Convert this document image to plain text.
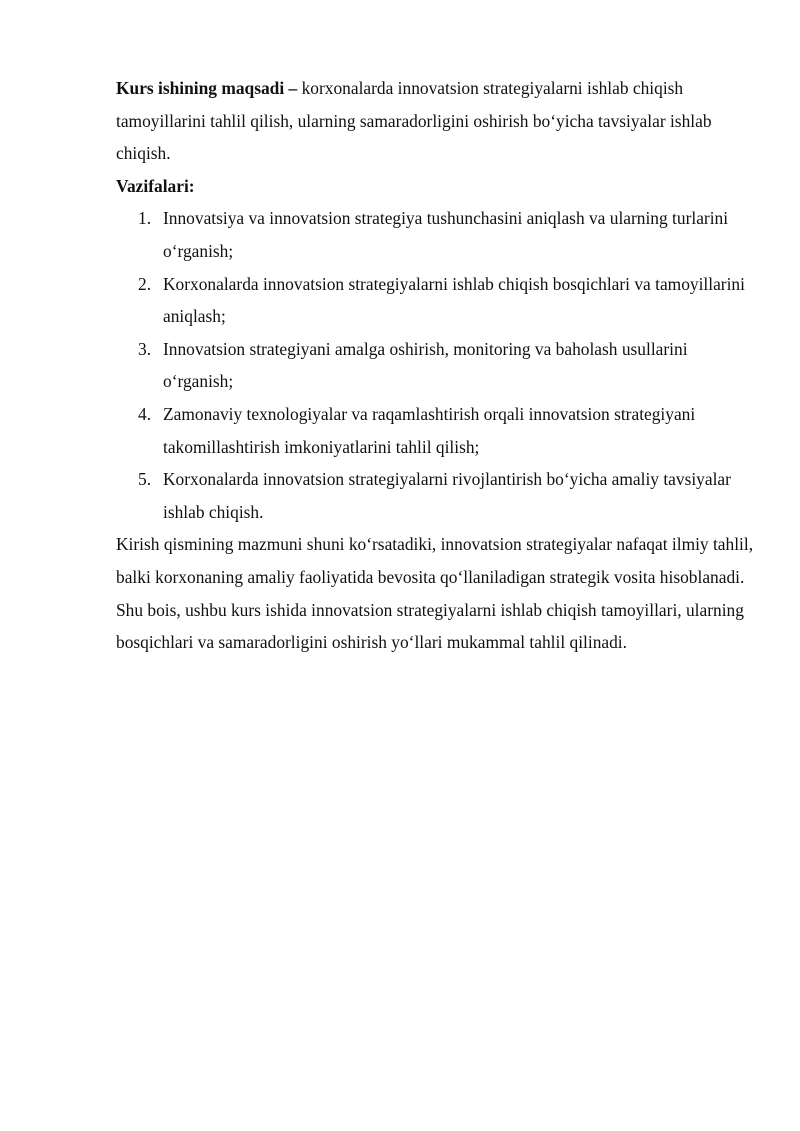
Kurs ishining maqsadi – korxonalarda innovatsion strategiyalarni ishlab chiqish tamoyillarini tahlil qilish, ularning samaradorligini oshirish bo‘yicha tavsiyalar ishlab chiqish.

Vazifalari:

1. Innovatsiya va innovatsion strategiya tushunchasini aniqlash va ularning turlarini o‘rganish;
2. Korxonalarda innovatsion strategiyalarni ishlab chiqish bosqichlari va tamoyillarini aniqlash;
3. Innovatsion strategiyani amalga oshirish, monitoring va baholash usullarini o‘rganish;
4. Zamonaviy texnologiyalar va raqamlashtirish orqali innovatsion strategiyani takomillashtirish imkoniyatlarini tahlil qilish;
5. Korxonalarda innovatsion strategiyalarni rivojlantirish bo‘yicha amaliy tavsiyalar ishlab chiqish.

Kirish qismining mazmuni shuni ko‘rsatadiki, innovatsion strategiyalar nafaqat ilmiy tahlil, balki korxonaning amaliy faoliyatida bevosita qo‘llaniladigan strategik vosita hisoblanadi. Shu bois, ushbu kurs ishida innovatsion strategiyalarni ishlab chiqish tamoyillari, ularning bosqichlari va samaradorligini oshirish yo‘llari mukammal tahlil qilinadi.
